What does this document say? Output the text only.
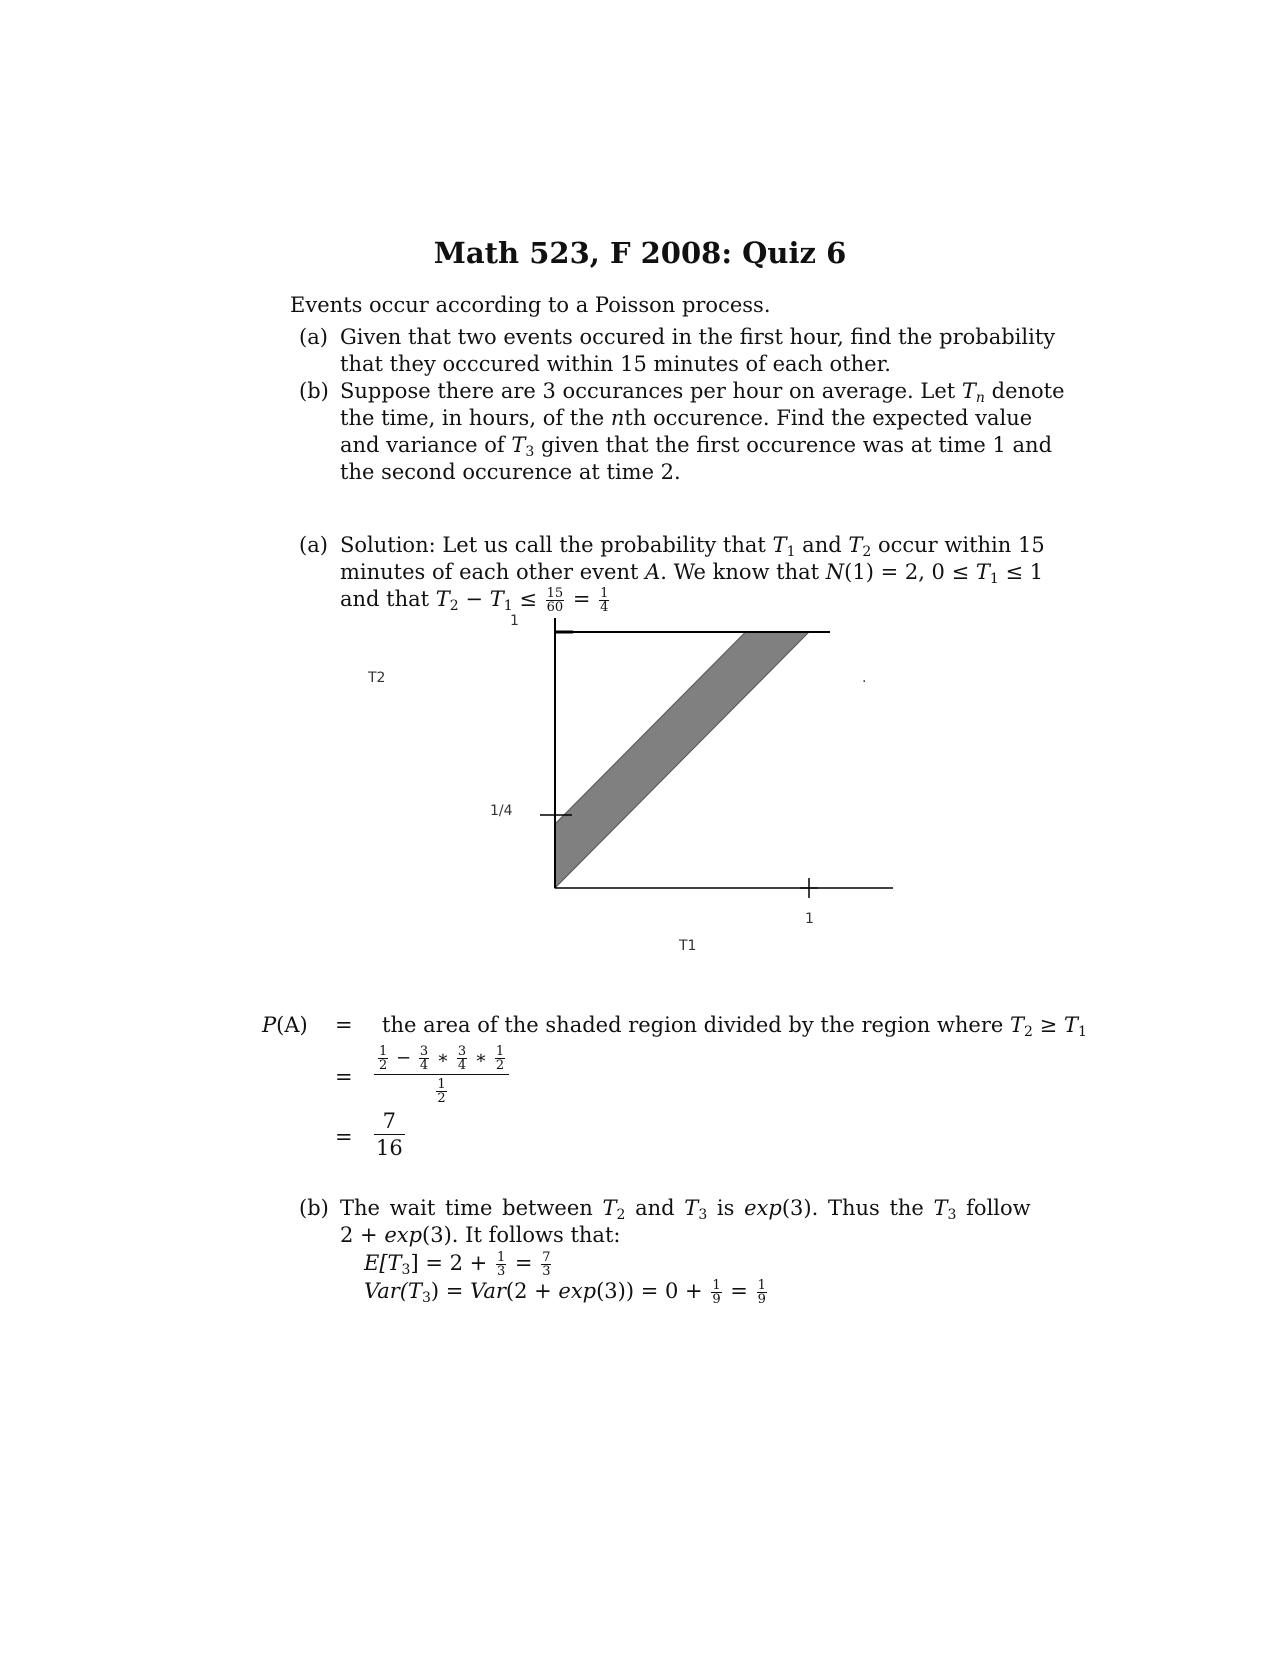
Math 523, F 2008: Quiz 6
Events occur according to a Poisson process.
(a) Given that two events occured in the first hour, find the probability
that they occcured within 15 minutes of each other.
(b) Suppose there are 3 occurances per hour on average. Let $T_n$ denote
the time, in hours, of the nth occurence. Find the expected value
and variance of $T_3$ given that the first occurence was at time 1 and
the second occurence at time 2.
(a) Solution: Let us call the probability that $T_1$ and $T_2$ occur within 15
minutes of each other event A. We know that N(1) = 2, $0 \le T_1 \le 1$
and that $T_2 - T_1 \le \frac{15}{60} = \frac{1}{4}$
1
T2
1/4
1
T1
.
P(A) = the area of the shaded region divided by the region where $T_2 \ge T_1$
=
$\frac{1}{2} - \frac{3}{4}$ ∗ $\frac{3}{4}$ ∗ $\frac{1}{2}$
$\frac{1}{2}$
= $\frac{7}{16}$
(b) The wait time between $T_2$ and $T_3$ is exp(3). Thus the $T_3$ follow
2 + exp(3). It follows that:
$E[T_3] = 2 + \frac{1}{3} = \frac{7}{3}$
$Var(T_3) = Var(2 + \exp(3)) = 0 + \frac{1}{9} = \frac{1}{9}$
